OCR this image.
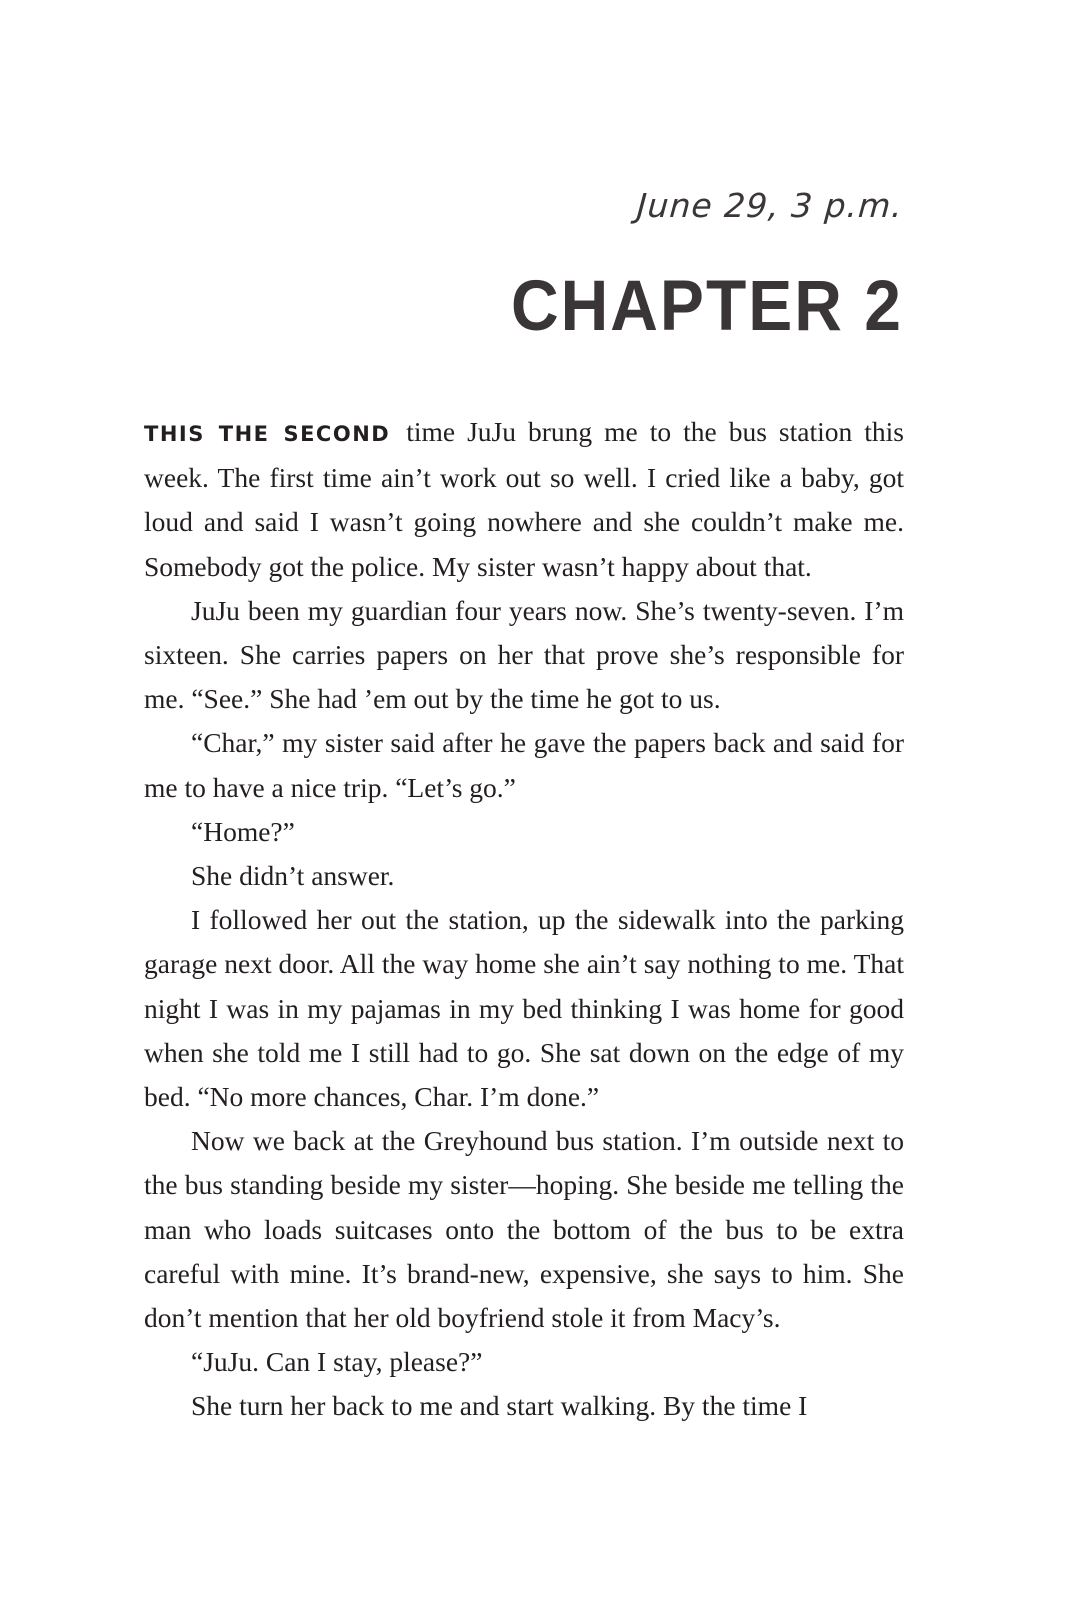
June 29, 3 p.m.
CHAPTER 2

THIS THE SECOND time JuJu brung me to the bus station this week. The first time ain’t work out so well. I cried like a baby, got loud and said I wasn’t going nowhere and she couldn’t make me. Somebody got the police. My sister wasn’t happy about that.

JuJu been my guardian four years now. She’s twenty-seven. I’m sixteen. She carries papers on her that prove she’s responsible for me. “See.” She had ’em out by the time he got to us.

“Char,” my sister said after he gave the papers back and said for me to have a nice trip. “Let’s go.”

“Home?”

She didn’t answer.

I followed her out the station, up the sidewalk into the parking garage next door. All the way home she ain’t say nothing to me. That night I was in my pajamas in my bed thinking I was home for good when she told me I still had to go. She sat down on the edge of my bed. “No more chances, Char. I’m done.”

Now we back at the Greyhound bus station. I’m outside next to the bus standing beside my sister—hoping. She beside me telling the man who loads suitcases onto the bottom of the bus to be extra careful with mine. It’s brand-new, expensive, she says to him. She don’t mention that her old boyfriend stole it from Macy’s.

“JuJu. Can I stay, please?”

She turn her back to me and start walking. By the time I
